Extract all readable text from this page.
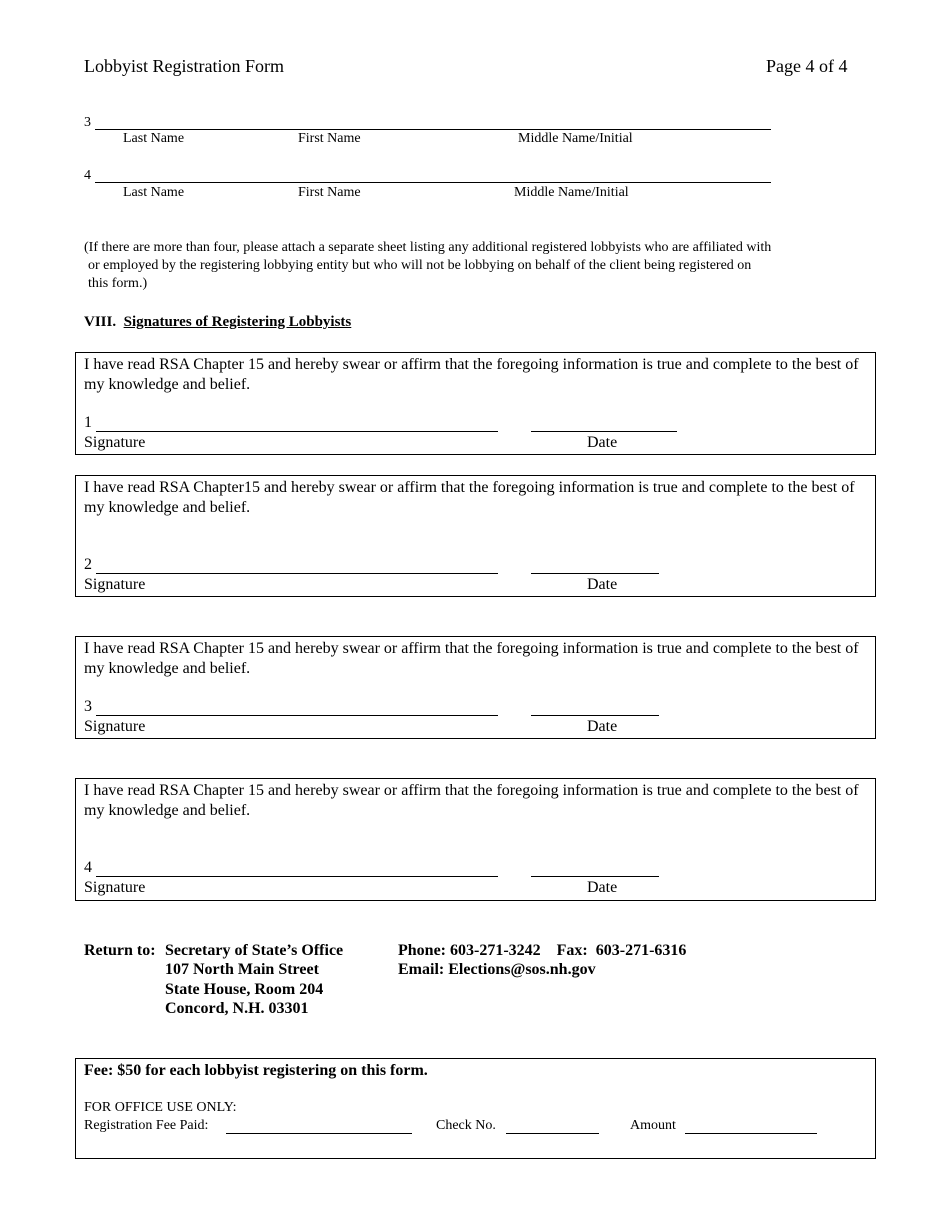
Lobbyist Registration Form	Page 4 of 4
3
Last Name	First Name	Middle Name/Initial
4
Last Name	First Name	Middle Name/Initial
(If there are more than four, please attach a separate sheet listing any additional registered lobbyists who are affiliated with
or employed by the registering lobbying entity but who will not be lobbying on behalf of the client being registered on
this form.)
VIII. Signatures of Registering Lobbyists
I have read RSA Chapter 15 and hereby swear or affirm that the foregoing information is true and complete to the best of my knowledge and belief.
1
Signature	Date
I have read RSA Chapter15 and hereby swear or affirm that the foregoing information is true and complete to the best of my knowledge and belief.
2
Signature	Date
I have read RSA Chapter 15 and hereby swear or affirm that the foregoing information is true and complete to the best of my knowledge and belief.
3
Signature	Date
I have read RSA Chapter 15 and hereby swear or affirm that the foregoing information is true and complete to the best of my knowledge and belief.
4
Signature	Date
Return to: Secretary of State’s Office
107 North Main Street
State House, Room 204
Concord, N.H. 03301
Phone: 603-271-3242 Fax: 603-271-6316
Email: Elections@sos.nh.gov
Fee: $50 for each lobbyist registering on this form.
FOR OFFICE USE ONLY:
Registration Fee Paid:	Check No.	Amount
